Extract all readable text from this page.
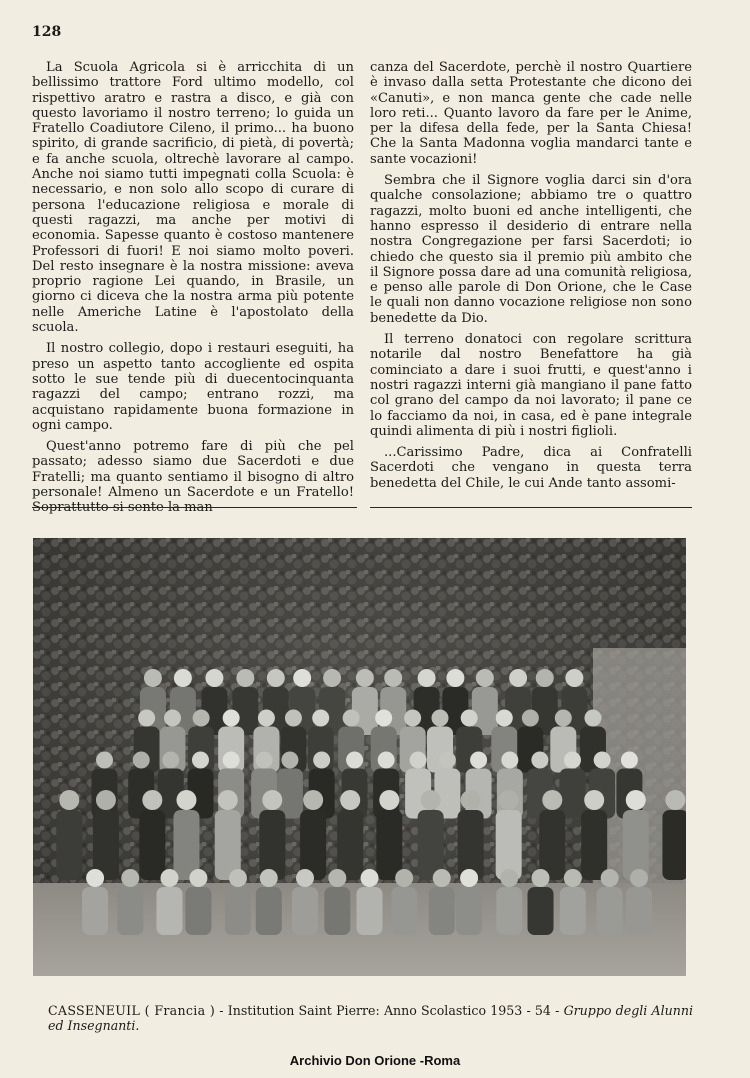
128

La Scuola Agricola si è arricchita di un bellissimo trattore Ford ultimo modello, col rispettivo aratro e rastra a disco, e già con questo lavoriamo il nostro terreno; lo guida un Fratello Coadiutore Cileno, il primo... ha buono spirito, di grande sacrificio, di pietà, di povertà; e fa anche scuola, oltrechè lavorare al campo. Anche noi siamo tutti impegnati colla Scuola: è necessario, e non solo allo scopo di curare di persona l'educazione religiosa e morale di questi ragazzi, ma anche per motivi di economia. Sapesse quanto è costoso mantenere Professori di fuori! E noi siamo molto poveri. Del resto insegnare è la nostra missione: aveva proprio ragione Lei quando, in Brasile, un giorno ci diceva che la nostra arma più potente nelle Americhe Latine è l'apostolato della scuola.

Il nostro collegio, dopo i restauri eseguiti, ha preso un aspetto tanto accogliente ed ospita sotto le sue tende più di duecentocinquanta ragazzi del campo; entrano rozzi, ma acquistano rapidamente buona formazione in ogni campo.

Quest'anno potremo fare di più che pel passato; adesso siamo due Sacerdoti e due Fratelli; ma quanto sentiamo il bisogno di altro personale! Almeno un Sacerdote e un Fratello! Soprattutto si sente la man-

canza del Sacerdote, perchè il nostro Quartiere è invaso dalla setta Protestante che dicono dei «Canuti», e non manca gente che cade nelle loro reti... Quanto lavoro da fare per le Anime, per la difesa della fede, per la Santa Chiesa! Che la Santa Madonna voglia mandarci tante e sante vocazioni!

Sembra che il Signore voglia darci sin d'ora qualche consolazione; abbiamo tre o quattro ragazzi, molto buoni ed anche intelligenti, che hanno espresso il desiderio di entrare nella nostra Congregazione per farsi Sacerdoti; io chiedo che questo sia il premio più ambito che il Signore possa dare ad una comunità religiosa, e penso alle parole di Don Orione, che le Case le quali non danno vocazione religiose non sono benedette da Dio.

Il terreno donatoci con regolare scrittura notarile dal nostro Benefattore ha già cominciato a dare i suoi frutti, e quest'anno i nostri ragazzi interni già mangiano il pane fatto col grano del campo da noi lavorato; il pane ce lo facciamo da noi, in casa, ed è pane integrale quindi alimenta di più i nostri figlioli.

...Carissimo Padre, dica ai Confratelli Sacerdoti che vengano in questa terra benedetta del Chile, le cui Ande tanto assomi-

CASSENEUIL ( Francia ) - Institution Saint Pierre: Anno Scolastico 1953 - 54 - Gruppo degli Alunni ed Insegnanti.
Archivio Don Orione -Roma
